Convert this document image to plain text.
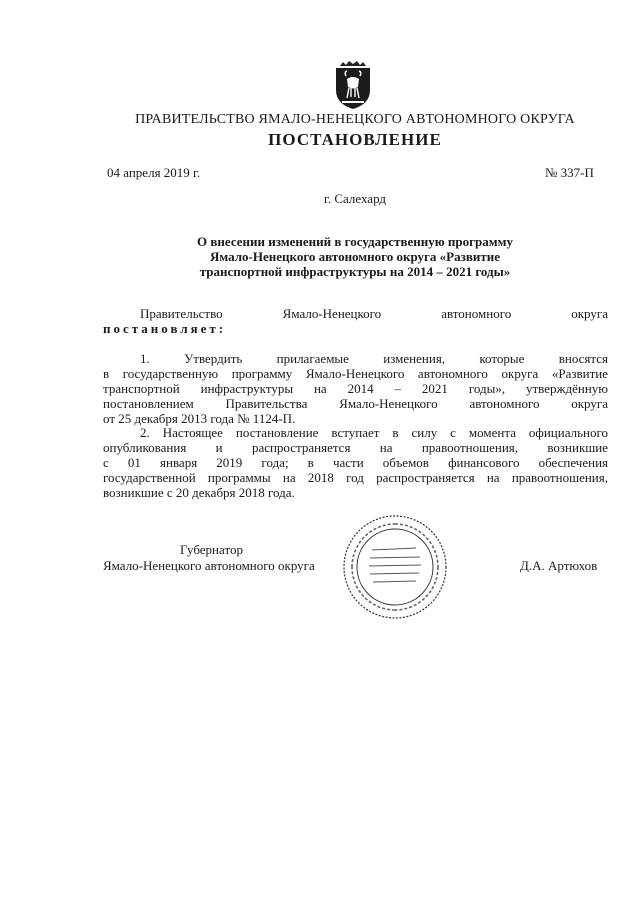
ПРАВИТЕЛЬСТВО ЯМАЛО-НЕНЕЦКОГО АВТОНОМНОГО ОКРУГА
ПОСТАНОВЛЕНИЕ
04 апреля 2019 г.	№ 337-П
г. Салехард
О внесении изменений в государственную программу
Ямало-Ненецкого автономного округа «Развитие
транспортной инфраструктуры на 2014 – 2021 годы»
Правительство Ямало-Ненецкого автономного округа
постановляет:
1. Утвердить прилагаемые изменения, которые вносятся
в государственную программу Ямало-Ненецкого автономного округа «Развитие
транспортной инфраструктуры на 2014 – 2021 годы», утверждённую
постановлением Правительства Ямало-Ненецкого автономного округа
от 25 декабря 2013 года № 1124-П.
2. Настоящее постановление вступает в силу с момента официального
опубликования и распространяется на правоотношения, возникшие
с 01 января 2019 года; в части объемов финансового обеспечения
государственной программы на 2018 год распространяется на правоотношения,
возникшие с 20 декабря 2018 года.
Губернатор
Ямало-Ненецкого автономного округа	Д.А. Артюхов
